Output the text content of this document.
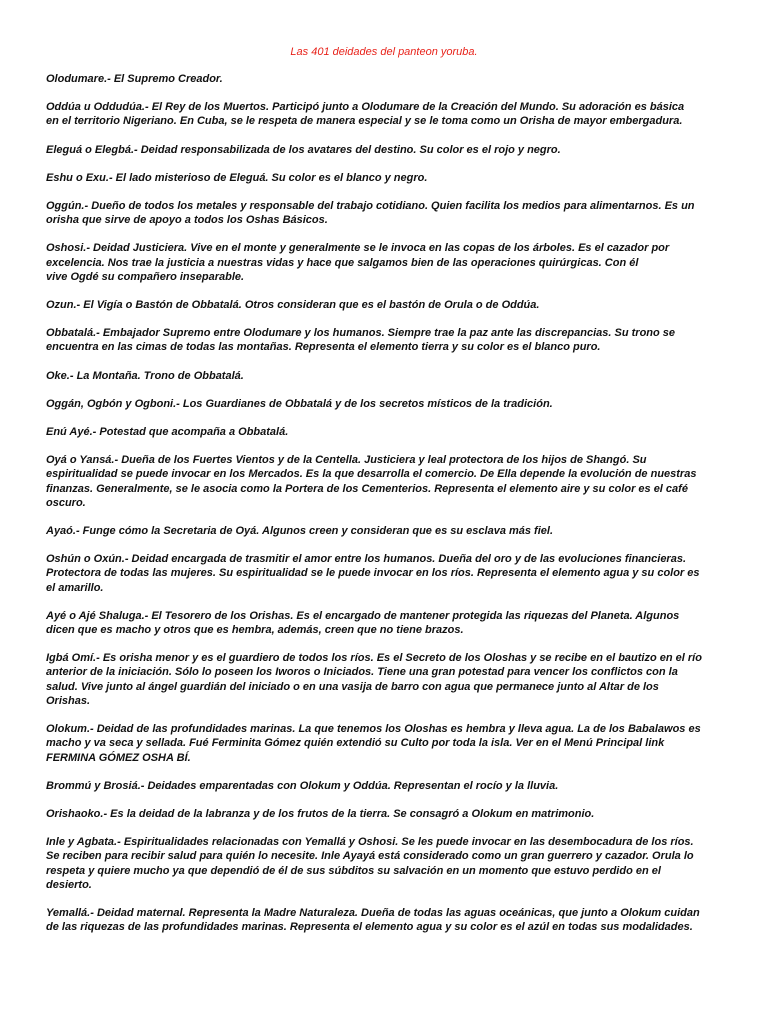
Las 401 deidades del panteon yoruba.

Olodumare.- El Supremo Creador.

Oddúa u Oddudúa.- El Rey de los Muertos. Participó junto a Olodumare de la Creación del Mundo. Su adoración es básica
en el territorio Nigeriano. En Cuba, se le respeta de manera especial y se le toma como un Orisha de mayor embergadura.

Eleguá o Elegbá.- Deidad responsabilizada de los avatares del destino. Su color es el rojo y negro.

Eshu o Exu.- El lado misterioso de Eleguá. Su color es el blanco y negro.

Oggún.- Dueño de todos los metales y responsable del trabajo cotidiano. Quien facilita los medios para alimentarnos. Es un
orisha que sirve de apoyo a todos los Oshas Básicos.

Oshosi.- Deidad Justiciera. Vive en el monte y generalmente se le invoca en las copas de los árboles. Es el cazador por
excelencia. Nos trae la justicia a nuestras vidas y hace que salgamos bien de las operaciones quirúrgicas. Con él
vive Ogdé su compañero inseparable.

Ozun.- El Vigía o Bastón de Obbatalá. Otros consideran que es el bastón de Orula o de Oddúa.

Obbatalá.- Embajador Supremo entre Olodumare y los humanos. Siempre trae la paz ante las discrepancias. Su trono se
encuentra en las cimas de todas las montañas. Representa el elemento tierra y su color es el blanco puro.

Oke.- La Montaña. Trono de Obbatalá.

Oggán, Ogbón y Ogboni.- Los Guardianes de Obbatalá y de los secretos místicos de la tradición.

Enú Ayé.- Potestad que acompaña a Obbatalá.

Oyá o Yansá.- Dueña de los Fuertes Vientos y de la Centella. Justiciera y leal protectora de los hijos de Shangó. Su
espiritualidad se puede invocar en los Mercados. Es la que desarrolla el comercio. De Ella depende la evolución de nuestras
finanzas. Generalmente, se le asocia como la Portera de los Cementerios. Representa el elemento aire y su color es el café
oscuro.

Ayaó.- Funge cómo la Secretaria de Oyá. Algunos creen y consideran que es su esclava más fiel.

Oshún o Oxún.- Deidad encargada de trasmitir el amor entre los humanos. Dueña del oro y de las evoluciones financieras.
Protectora de todas las mujeres. Su espiritualidad se le puede invocar en los ríos. Representa el elemento agua y su color es
el amarillo.

Ayé o Ajé Shaluga.- El Tesorero de los Orishas. Es el encargado de mantener protegida las riquezas del Planeta. Algunos
dicen que es macho y otros que es hembra, además, creen que no tiene brazos.

Igbá Omí.- Es orisha menor y es el guardiero de todos los ríos. Es el Secreto de los Oloshas y se recibe en el bautizo en el río
anterior de la iniciación. Sólo lo poseen los Iworos o Iniciados. Tiene una gran potestad para vencer los conflictos con la
salud. Vive junto al ángel guardián del iniciado o en una vasija de barro con agua que permanece junto al Altar de los
Orishas.

Olokum.- Deidad de las profundidades marinas. La que tenemos los Oloshas es hembra y lleva agua. La de los Babalawos es
macho y va seca y sellada. Fué Ferminita Gómez quién extendió su Culto por toda la isla. Ver en el Menú Principal link
FERMINA GÓMEZ OSHA BÍ.

Brommú y Brosiá.- Deidades emparentadas con Olokum y Oddúa. Representan el rocío y la lluvia.

Orishaoko.- Es la deidad de la labranza y de los frutos de la tierra. Se consagró a Olokum en matrimonio.

Inle y Agbata.- Espiritualidades relacionadas con Yemallá y Oshosi. Se les puede invocar en las desembocadura de los ríos.
Se reciben para recibir salud para quién lo necesite. Inle Ayayá está considerado como un gran guerrero y cazador. Orula lo
respeta y quiere mucho ya que dependió de él de sus súbditos su salvación en un momento que estuvo perdido en el
desierto.

Yemallá.- Deidad maternal. Representa la Madre Naturaleza. Dueña de todas las aguas oceánicas, que junto a Olokum cuidan
de las riquezas de las profundidades marinas. Representa el elemento agua y su color es el azúl en todas sus modalidades.
